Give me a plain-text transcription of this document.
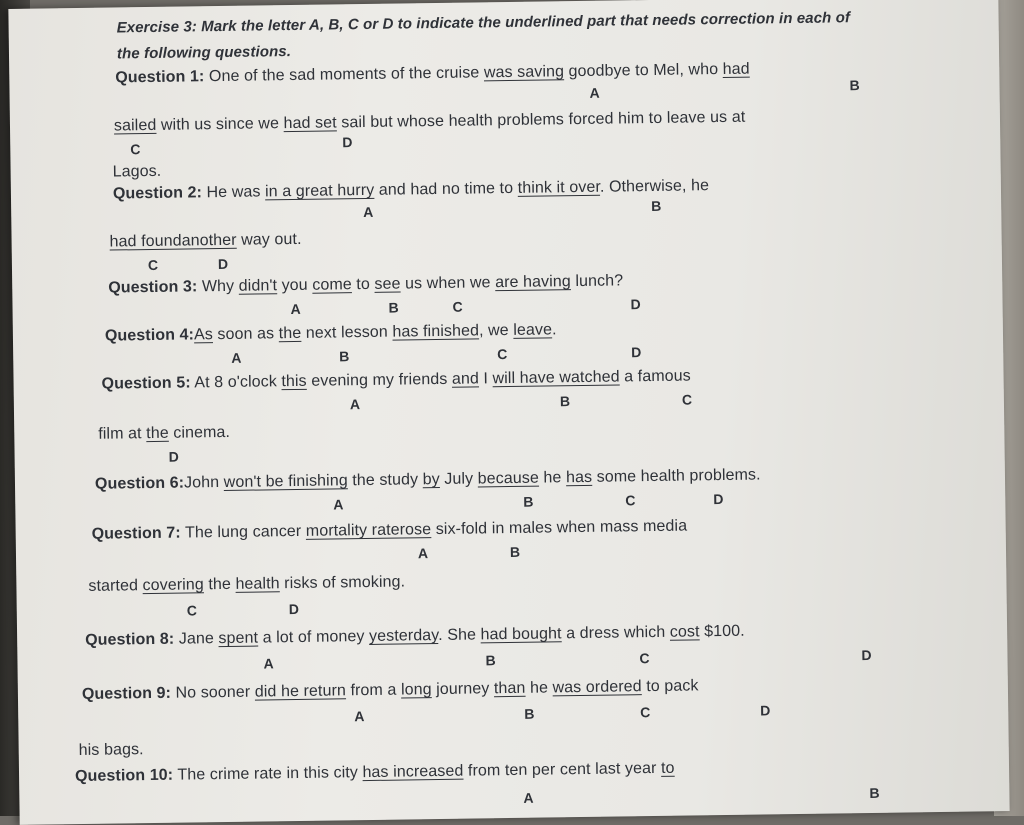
Exercise 3: Mark the letter A, B, C or D to indicate the underlined part that needs correction in each of
the following questions.
Question 1: One of the sad moments of the cruise was saving goodbye to Mel, who had
A	B
sailed with us since we had set sail but whose health problems forced him to leave us at
C	D
Lagos.
Question 2: He was in a great hurry and had no time to think it over. Otherwise, he
A	B
had foundanother way out.
C	D
Question 3: Why didn't you come to see us when we are having lunch?
A	B	C	D
Question 4:As soon as the next lesson has finished, we leave.
A	B	C	D
Question 5: At 8 o'clock this evening my friends and I will have watched a famous
A	B	C
film at the cinema.
D
Question 6:John won't be finishing the study by July because he has some health problems.
A	B	C	D
Question 7: The lung cancer mortality raterose six-fold in males when mass media
A	B
started covering the health risks of smoking.
C	D
Question 8: Jane spent a lot of money yesterday. She had bought a dress which cost $100.
A	B	C	D
Question 9: No sooner did he return from a long journey than he was ordered to pack
A	B	C	D
his bags.
Question 10: The crime rate in this city has increased from ten per cent last year to
A	B
